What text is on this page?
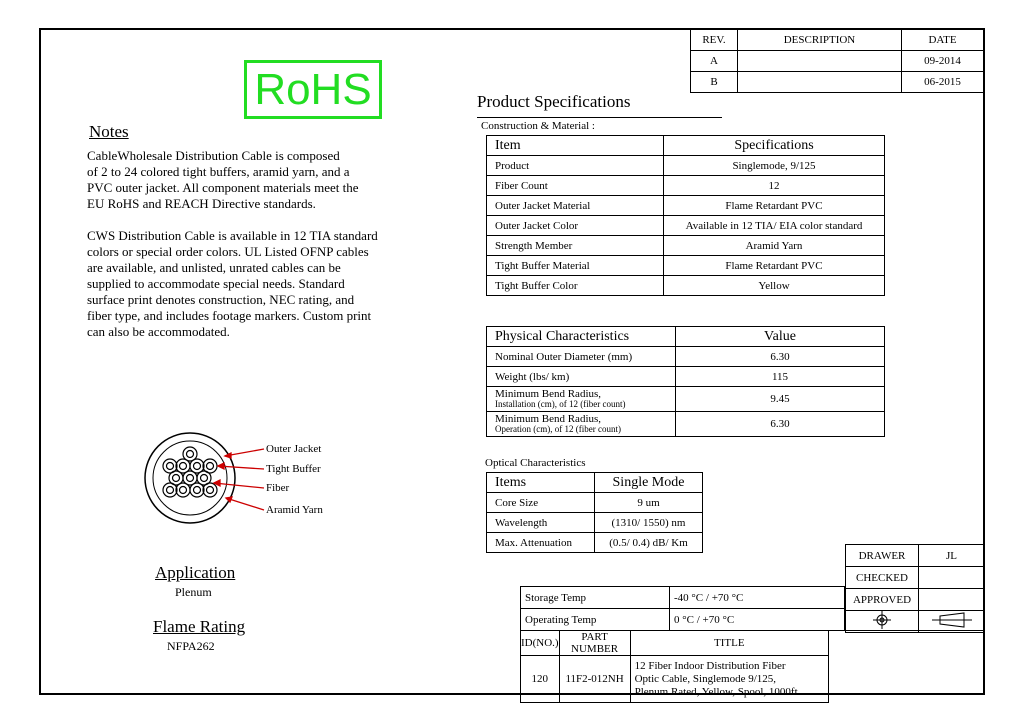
REV.	DESCRIPTION	DATE
A		09-2014
B		06-2015
RoHS
Notes

CableWholesale Distribution Cable is composed

of 2 to 24 colored tight buffers, aramid yarn, and a

PVC outer jacket. All component materials meet the

EU RoHS and REACH Directive standards.

CWS Distribution Cable is available in 12 TIA standard

colors or special order colors. UL Listed OFNP cables

are available, and unlisted, unrated cables can be

supplied to accommodate special needs. Standard

surface print denotes construction, NEC rating, and

fiber type, and includes footage markers. Custom print

can also be accommodated.

Product Specifications
Construction & Material :
Item	Specifications
Product	Singlemode, 9/125
Fiber Count	12
Outer Jacket Material	Flame Retardant PVC
Outer Jacket Color	Available in 12 TIA/ EIA color standard
Strength Member	Aramid Yarn
Tight Buffer Material	Flame Retardant PVC
Tight Buffer Color	Yellow
Physical Characteristics	Value
Nominal Outer Diameter (mm)	6.30
Weight (lbs/ km)	115

Minimum Bend Radius,
Installation (cm), of 12 (fiber count)	9.45

Minimum Bend Radius,
Operation (cm), of 12 (fiber count)	6.30
Optical Characteristics
Items	Single Mode
Core Size	9 um
Wavelength	(1310/ 1550) nm
Max. Attenuation	(0.5/ 0.4) dB/ Km
Outer Jacket
Tight Buffer
Fiber
Aramid Yarn
Application
Plenum
Flame Rating
NFPA262
DRAWER	JL
CHECKED	
APPROVED	

Storage Temp	-40 °C / +70 °C
Operating Temp	0 °C / +70 °C
ID(NO.)	PART NUMBER	TITLE
120	11F2-012NH	12 Fiber Indoor Distribution Fiber
Optic Cable, Singlemode 9/125,
Plenum Rated, Yellow, Spool, 1000ft
